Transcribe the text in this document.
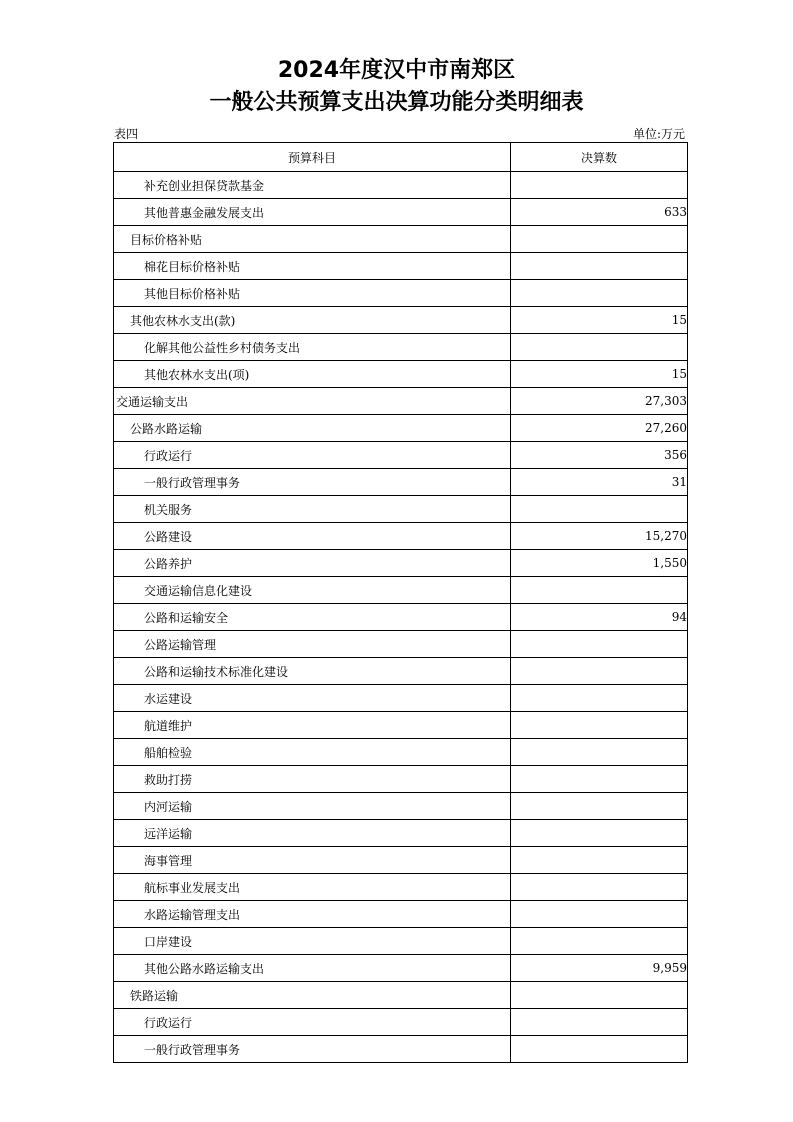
2024年度汉中市南郑区
一般公共预算支出决算功能分类明细表
表四	单位:万元
预算科目	决算数
补充创业担保贷款基金	
其他普惠金融发展支出	633
目标价格补贴	
棉花目标价格补贴	
其他目标价格补贴	
其他农林水支出(款)	15
化解其他公益性乡村债务支出	
其他农林水支出(项)	15
交通运输支出	27,303
公路水路运输	27,260
行政运行	356
一般行政管理事务	31
机关服务	
公路建设	15,270
公路养护	1,550
交通运输信息化建设	
公路和运输安全	94
公路运输管理	
公路和运输技术标准化建设	
水运建设	
航道维护	
船舶检验	
救助打捞	
内河运输	
远洋运输	
海事管理	
航标事业发展支出	
水路运输管理支出	
口岸建设	
其他公路水路运输支出	9,959
铁路运输	
行政运行	
一般行政管理事务	
